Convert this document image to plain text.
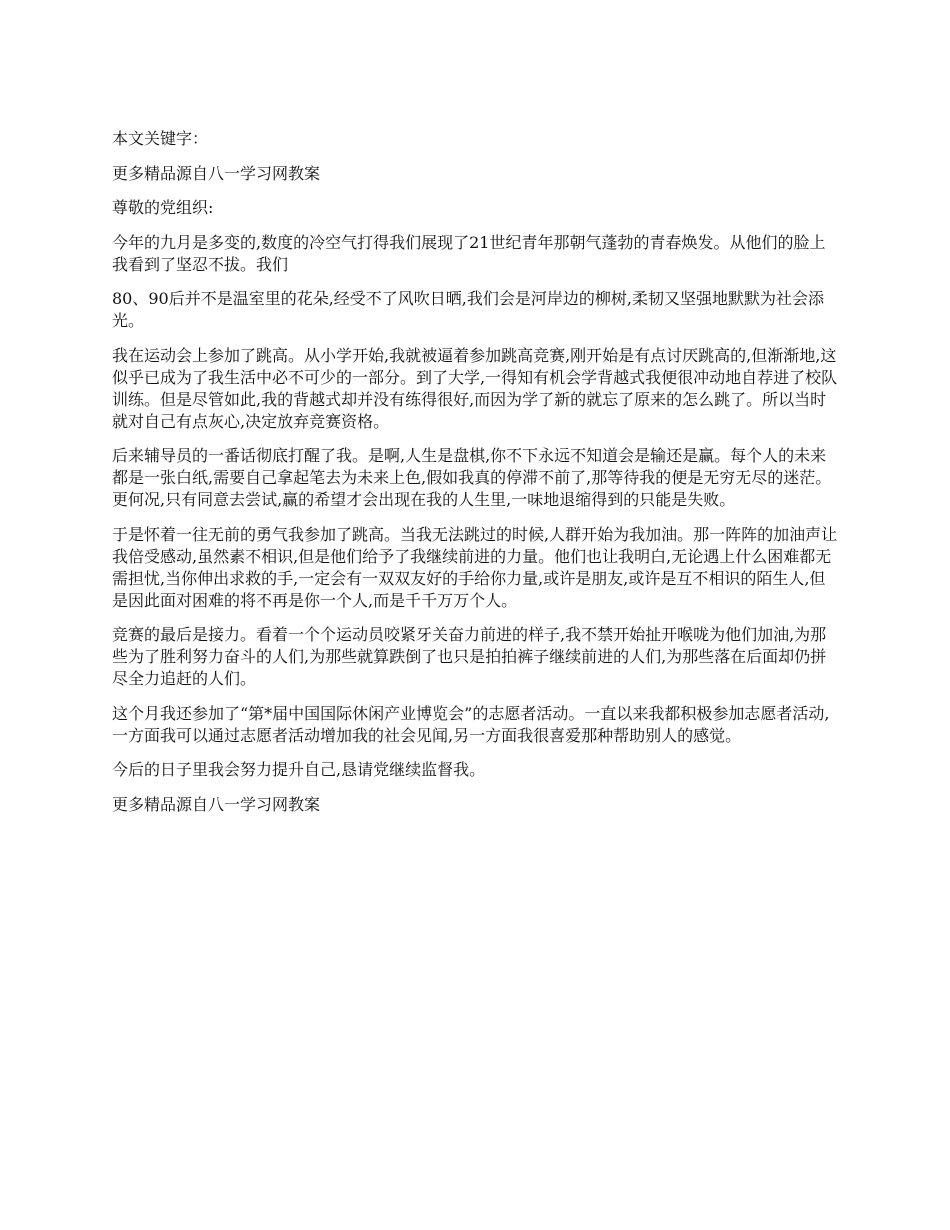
本文关键字：

更多精品源自八一学习网教案

尊敬的党组织:

今年的九月是多变的,数度的冷空气打得我们展现了21世纪青年那朝气蓬勃的青春焕发。从他们的脸上我看到了坚忍不拔。我们

80、90后并不是温室里的花朵,经受不了风吹日晒,我们会是河岸边的柳树,柔韧又坚强地默默为社会添光。

我在运动会上参加了跳高。从小学开始,我就被逼着参加跳高竞赛,刚开始是有点讨厌跳高的,但渐渐地,这似乎已成为了我生活中必不可少的一部分。到了大学,一得知有机会学背越式我便很冲动地自荐进了校队训练。但是尽管如此,我的背越式却并没有练得很好,而因为学了新的就忘了原来的怎么跳了。所以当时就对自己有点灰心,决定放弃竞赛资格。

后来辅导员的一番话彻底打醒了我。是啊,人生是盘棋,你不下永远不知道会是输还是赢。每个人的未来都是一张白纸,需要自己拿起笔去为未来上色,假如我真的停滞不前了,那等待我的便是无穷无尽的迷茫。更何况,只有同意去尝试,赢的希望才会出现在我的人生里,一味地退缩得到的只能是失败。

于是怀着一往无前的勇气我参加了跳高。当我无法跳过的时候,人群开始为我加油。那一阵阵的加油声让我倍受感动,虽然素不相识,但是他们给予了我继续前进的力量。他们也让我明白,无论遇上什么困难都无需担忧,当你伸出求救的手,一定会有一双双友好的手给你力量,或许是朋友,或许是互不相识的陌生人,但是因此面对困难的将不再是你一个人,而是千千万万个人。

竞赛的最后是接力。看着一个个运动员咬紧牙关奋力前进的样子,我不禁开始扯开喉咙为他们加油,为那些为了胜利努力奋斗的人们,为那些就算跌倒了也只是拍拍裤子继续前进的人们,为那些落在后面却仍拼尽全力追赶的人们。

这个月我还参加了“第*届中国国际休闲产业博览会”的志愿者活动。一直以来我都积极参加志愿者活动,一方面我可以通过志愿者活动增加我的社会见闻,另一方面我很喜爱那种帮助别人的感觉。

今后的日子里我会努力提升自己,恳请党继续监督我。

更多精品源自八一学习网教案
